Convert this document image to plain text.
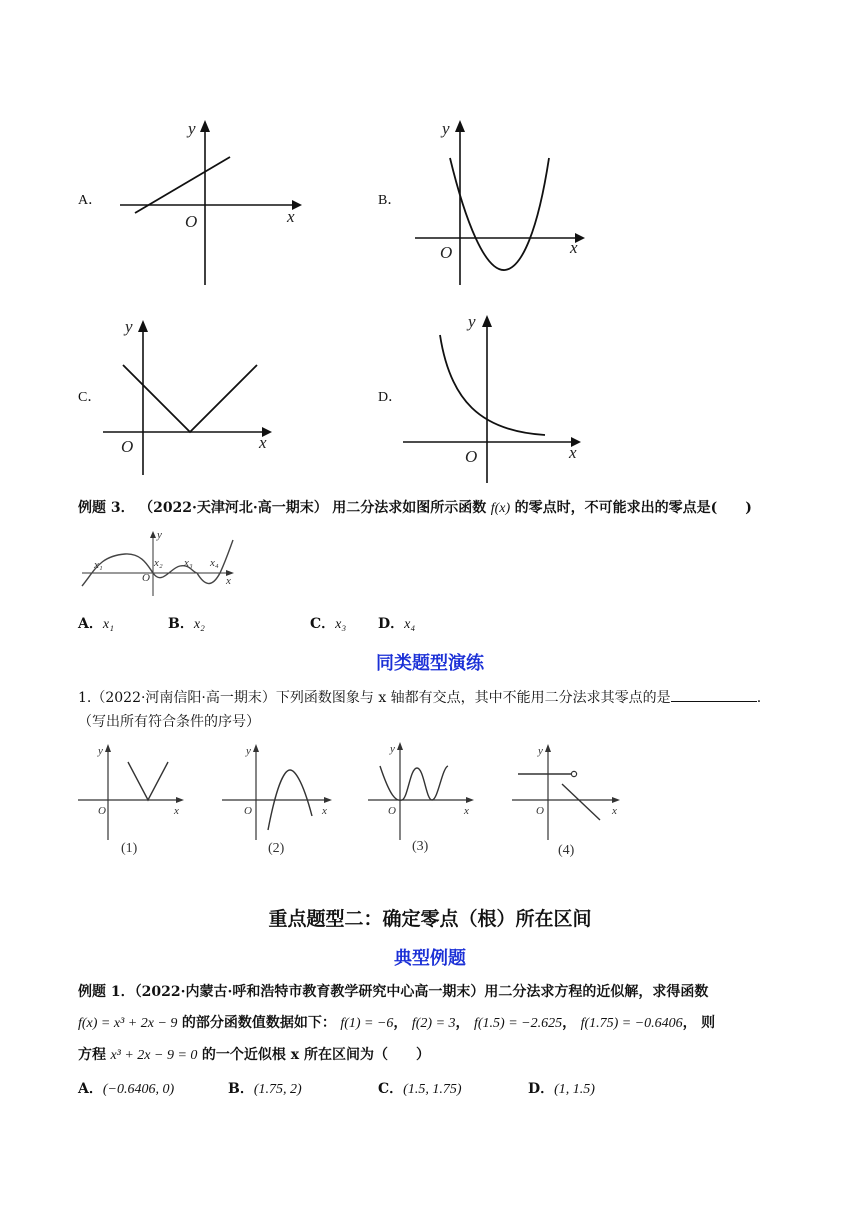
A．
y
x
O
B．
y
x
O
C．
y
x
O
D．
y
x
O
例题 3． （2022·天津河北·高一期末） 用二分法求如图所示函数 f(x) 的零点时，不可能求出的零点是(　　)
x₁	x₂ x₃ x₄
O
y
x
A．x₁	B．x₂	C．x₃ D．x₄
同类题型演练
1.（2022·河南信阳·高一期末）下列函数图象与 x 轴都有交点，其中不能用二分法求其零点的是	.
（写出所有符合条件的序号）
y
x
O
(1)
y
x
O
(2)
y
x
O
(3)
y
x
O
(4)
重点题型二：确定零点（根）所在区间
典型例题
例题 1．（2022·内蒙古·呼和浩特市教育教学研究中心高一期末）用二分法求方程的近似解，求得函数
f(x) = x³ + 2x − 9 的部分函数值数据如下： f(1) = −6， f(2) = 3， f(1.5) = −2.625， f(1.75) = −0.6406， 则
方程 x³ + 2x − 9 = 0 的一个近似根 x 所在区间为（　　）
A．(−0.6406, 0)	B．(1.75, 2)	C．(1.5, 1.75)	D．(1, 1.5)
